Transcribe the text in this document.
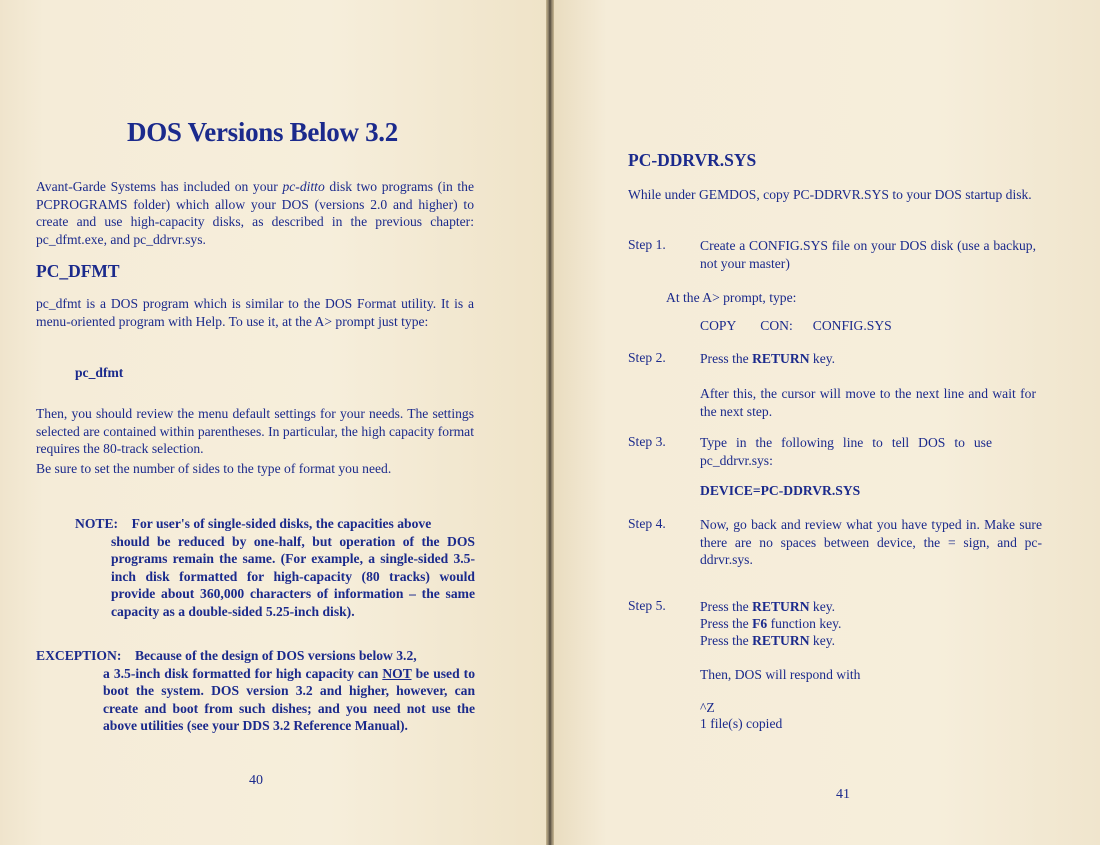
DOS Versions Below 3.2
Avant-Garde Systems has included on your pc-ditto disk two programs (in the PCPROGRAMS folder) which allow your DOS (versions 2.0 and higher) to create and use high-capacity disks, as described in the previous chapter: pc_dfmt.exe, and pc_ddrvr.sys.
PC_DFMT
pc_dfmt is a DOS program which is similar to the DOS Format utility. It is a menu-oriented program with Help. To use it, at the A> prompt just type:
pc_dfmt
Then, you should review the menu default settings for your needs. The settings selected are contained within parentheses. In particular, the high capacity format requires the 80-track selection.
Be sure to set the number of sides to the type of format you need.
NOTE: For user's of single-sided disks, the capacities above
should be reduced by one-half, but operation of the DOS programs remain the same. (For example, a single-sided 3.5-inch disk formatted for high-capacity (80 tracks) would provide about 360,000 characters of information – the same capacity as a double-sided 5.25-inch disk).
EXCEPTION: Because of the design of DOS versions below 3.2,
a 3.5-inch disk formatted for high capacity can NOT be used to boot the system. DOS version 3.2 and higher, however, can create and boot from such dishes; and you need not use the above utilities (see your DDS 3.2 Reference Manual).
40
PC-DDRVR.SYS
While under GEMDOS, copy PC-DDRVR.SYS to your DOS startup disk.
Step 1.	Create a CONFIG.SYS file on your DOS disk (use a backup, not your master)
At the A> prompt, type:
COPY CON: CONFIG.SYS
Step 2.	Press the RETURN key.
After this, the cursor will move to the next line and wait for the next step.
Step 3.	Type in the following line to tell DOS to use pc_ddrvr.sys:
DEVICE=PC-DDRVR.SYS
Step 4.	Now, go back and review what you have typed in. Make sure there are no spaces between device, the = sign, and pc-ddrvr.sys.
Step 5.	Press the RETURN key.
Press the F6 function key.
Press the RETURN key.
Then, DOS will respond with
^Z
1 file(s) copied
41
